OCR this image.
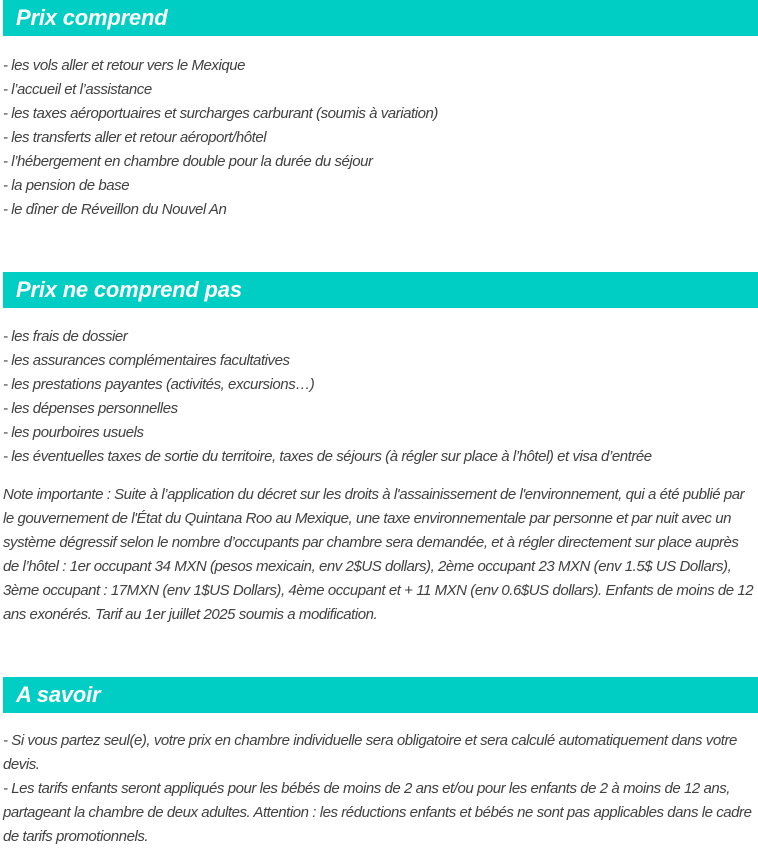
Prix comprend
- les vols aller et retour vers le Mexique
- l’accueil et l’assistance
- les taxes aéroportuaires et surcharges carburant (soumis à variation)
- les transferts aller et retour aéroport/hôtel
- l’hébergement en chambre double pour la durée du séjour
- la pension de base
- le dîner de Réveillon du Nouvel An
Prix ne comprend pas
- les frais de dossier
- les assurances complémentaires facultatives
- les prestations payantes (activités, excursions…)
- les dépenses personnelles
- les pourboires usuels
- les éventuelles taxes de sortie du territoire, taxes de séjours (à régler sur place à l’hôtel) et visa d’entrée

Note importante : Suite à l’application du décret sur les droits à l'assainissement de l'environnement, qui a été publié par le gouvernement de l'État du Quintana Roo au Mexique, une taxe environnementale par personne et par nuit avec un système dégressif selon le nombre d’occupants par chambre sera demandée, et à régler directement sur place auprès de l’hôtel : 1er occupant 34 MXN (pesos mexicain, env 2$US dollars), 2ème occupant 23 MXN (env 1.5$ US Dollars), 3ème occupant : 17MXN (env 1$US Dollars), 4ème occupant et + 11 MXN (env 0.6$US dollars). Enfants de moins de 12 ans exonérés. Tarif au 1er juillet 2025 soumis a modification.

A savoir

- Si vous partez seul(e), votre prix en chambre individuelle sera obligatoire et sera calculé automatiquement dans votre devis.

- Les tarifs enfants seront appliqués pour les bébés de moins de 2 ans et/ou pour les enfants de 2 à moins de 12 ans, partageant la chambre de deux adultes. Attention : les réductions enfants et bébés ne sont pas applicables dans le cadre de tarifs promotionnels.
